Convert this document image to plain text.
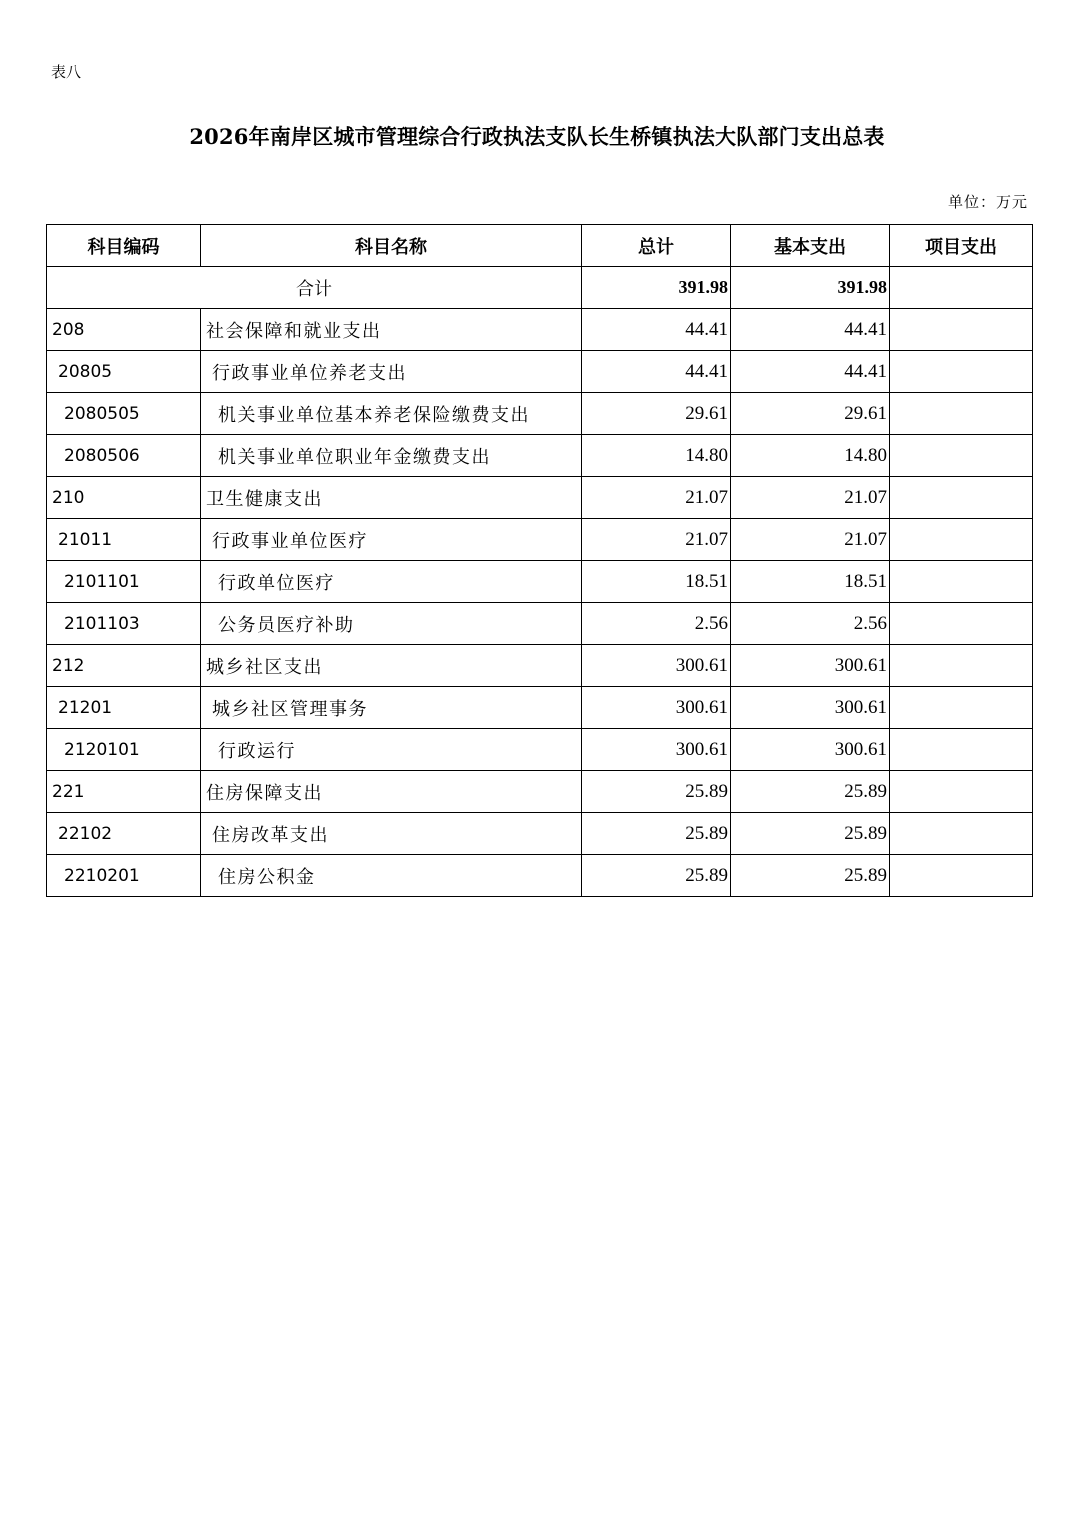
表八
2026年南岸区城市管理综合行政执法支队长生桥镇执法大队部门支出总表
单位：万元
科目编码	科目名称	总计	基本支出	项目支出
合计		391.98	391.98	
208	社会保障和就业支出	44.41	44.41	
20805	行政事业单位养老支出	44.41	44.41	
2080505	机关事业单位基本养老保险缴费支出	29.61	29.61	
2080506	机关事业单位职业年金缴费支出	14.80	14.80	
210	卫生健康支出	21.07	21.07	
21011	行政事业单位医疗	21.07	21.07	
2101101	行政单位医疗	18.51	18.51	
2101103	公务员医疗补助	2.56	2.56	
212	城乡社区支出	300.61	300.61	
21201	城乡社区管理事务	300.61	300.61	
2120101	行政运行	300.61	300.61	
221	住房保障支出	25.89	25.89	
22102	住房改革支出	25.89	25.89	
2210201	住房公积金	25.89	25.89	
